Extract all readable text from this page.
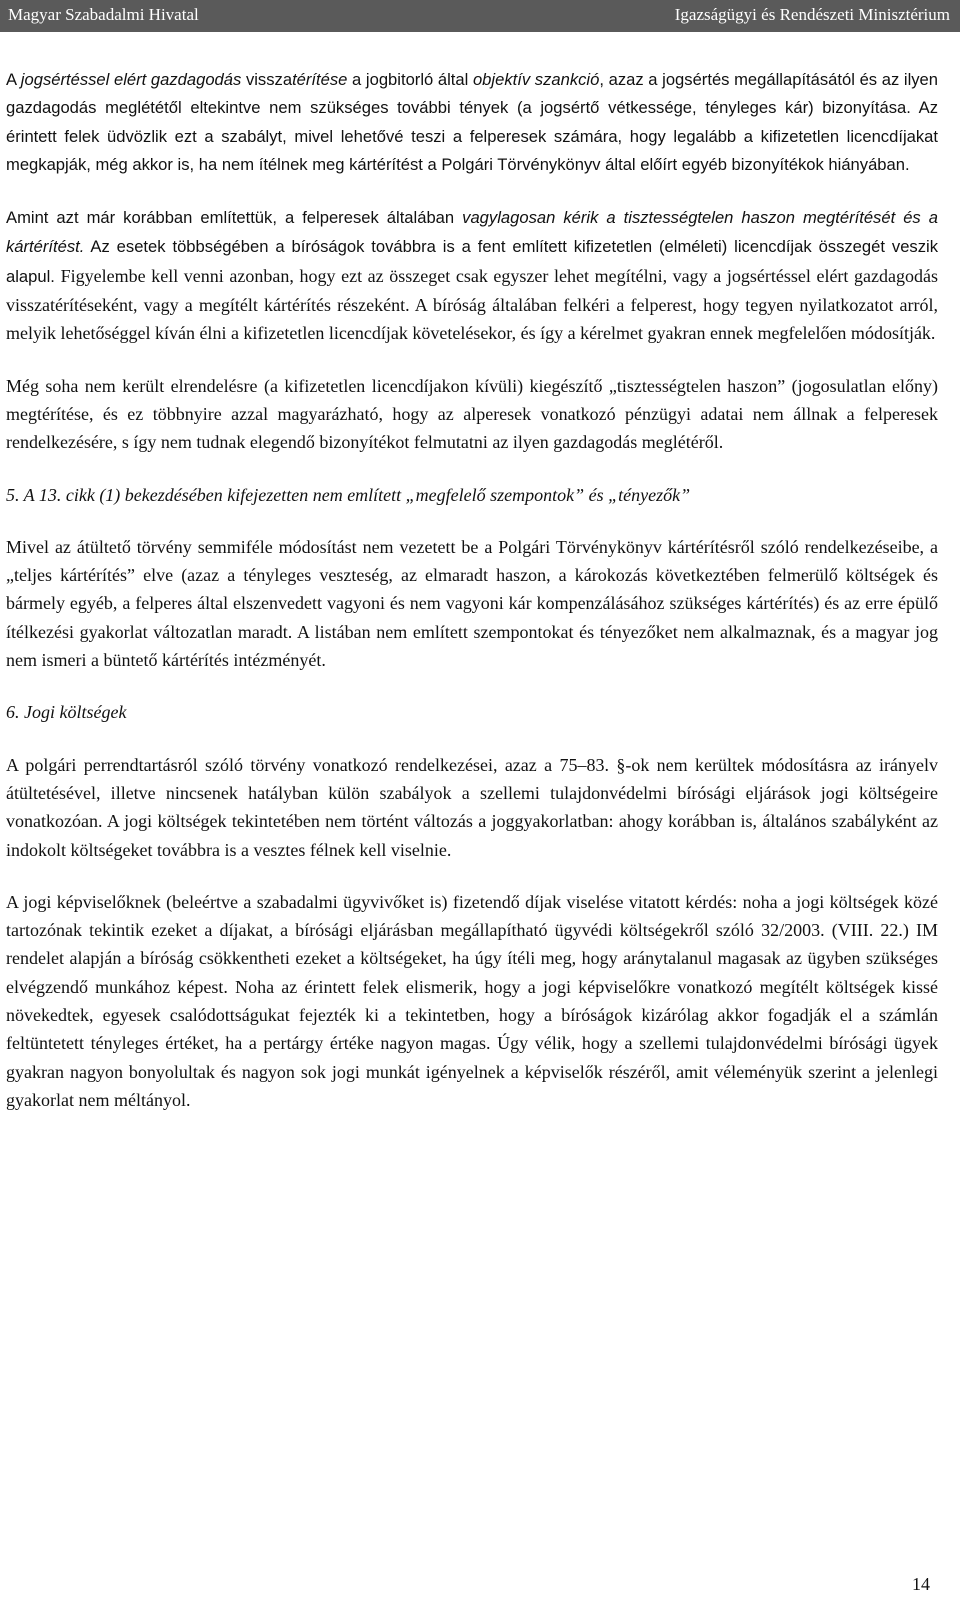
Magyar Szabadalmi Hivatal	Igazságügyi és Rendészeti Minisztérium

A jogsértéssel elért gazdagodás visszatérítése a jogbitorló által objektív szankció, azaz a jogsértés megállapításától és az ilyen gazdagodás meglététől eltekintve nem szükséges további tények (a jogsértő vétkessége, tényleges kár) bizonyítása. Az érintett felek üdvözlik ezt a szabályt, mivel lehetővé teszi a felperesek számára, hogy legalább a kifizetetlen licencdíjakat megkapják, még akkor is, ha nem ítélnek meg kártérítést a Polgári Törvénykönyv által előírt egyéb bizonyítékok hiányában.

Amint azt már korábban említettük, a felperesek általában vagylagosan kérik a tisztességtelen haszon megtérítését és a kártérítést. Az esetek többségében a bíróságok továbbra is a fent említett kifizetetlen (elméleti) licencdíjak összegét veszik alapul. Figyelembe kell venni azonban, hogy ezt az összeget csak egyszer lehet megítélni, vagy a jogsértéssel elért gazdagodás visszatérítéseként, vagy a megítélt kártérítés részeként. A bíróság általában felkéri a felperest, hogy tegyen nyilatkozatot arról, melyik lehetőséggel kíván élni a kifizetetlen licencdíjak követelésekor, és így a kérelmet gyakran ennek megfelelően módosítják.

Még soha nem került elrendelésre (a kifizetetlen licencdíjakon kívüli) kiegészítő „tisztességtelen haszon” (jogosulatlan előny) megtérítése, és ez többnyire azzal magyarázható, hogy az alperesek vonatkozó pénzügyi adatai nem állnak a felperesek rendelkezésére, s így nem tudnak elegendő bizonyítékot felmutatni az ilyen gazdagodás meglétéről.

5. A 13. cikk (1) bekezdésében kifejezetten nem említett „megfelelő szempontok” és „tényezők”

Mivel az átültető törvény semmiféle módosítást nem vezetett be a Polgári Törvénykönyv kártérítésről szóló rendelkezéseibe, a „teljes kártérítés” elve (azaz a tényleges veszteség, az elmaradt haszon, a károkozás következtében felmerülő költségek és bármely egyéb, a felperes által elszenvedett vagyoni és nem vagyoni kár kompenzálásához szükséges kártérítés) és az erre épülő ítélkezési gyakorlat változatlan maradt. A listában nem említett szempontokat és tényezőket nem alkalmaznak, és a magyar jog nem ismeri a büntető kártérítés intézményét.

6. Jogi költségek

A polgári perrendtartásról szóló törvény vonatkozó rendelkezései, azaz a 75–83. §-ok nem kerültek módosításra az irányelv átültetésével, illetve nincsenek hatályban külön szabályok a szellemi tulajdonvédelmi bírósági eljárások jogi költségeire vonatkozóan. A jogi költségek tekintetében nem történt változás a joggyakorlatban: ahogy korábban is, általános szabályként az indokolt költségeket továbbra is a vesztes félnek kell viselnie.

A jogi képviselőknek (beleértve a szabadalmi ügyvivőket is) fizetendő díjak viselése vitatott kérdés: noha a jogi költségek közé tartozónak tekintik ezeket a díjakat, a bírósági eljárásban megállapítható ügyvédi költségekről szóló 32/2003. (VIII. 22.) IM rendelet alapján a bíróság csökkentheti ezeket a költségeket, ha úgy ítéli meg, hogy aránytalanul magasak az ügyben szükséges elvégzendő munkához képest. Noha az érintett felek elismerik, hogy a jogi képviselőkre vonatkozó megítélt költségek kissé növekedtek, egyesek csalódottságukat fejezték ki a tekintetben, hogy a bíróságok kizárólag akkor fogadják el a számlán feltüntetett tényleges értéket, ha a pertárgy értéke nagyon magas. Úgy vélik, hogy a szellemi tulajdonvédelmi bírósági ügyek gyakran nagyon bonyolultak és nagyon sok jogi munkát igényelnek a képviselők részéről, amit véleményük szerint a jelenlegi gyakorlat nem méltányol.

14
